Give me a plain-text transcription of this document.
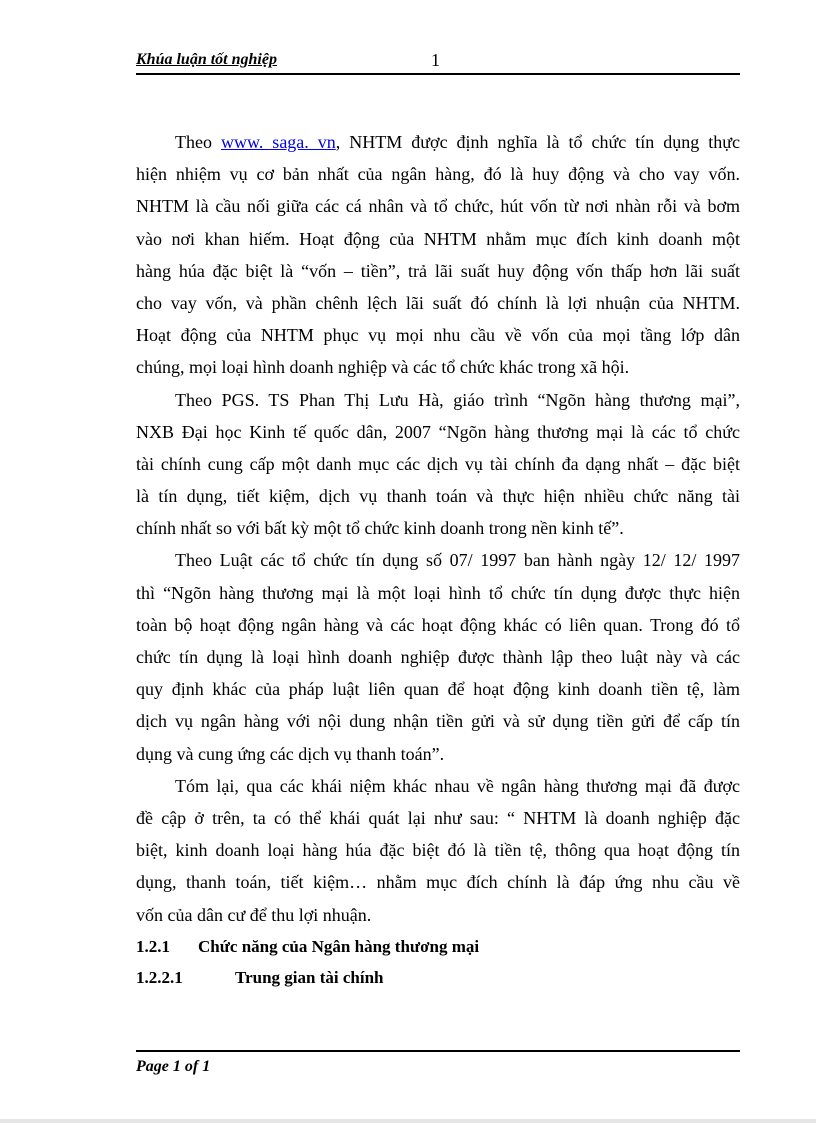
Khúa luận tốt nghiệp	1
Theo www. saga. vn, NHTM được định nghĩa là tổ chức tín dụng thực
hiện nhiệm vụ cơ bản nhất của ngân hàng, đó là huy động và cho vay vốn.
NHTM là cầu nối giữa các cá nhân và tổ chức, hút vốn từ nơi nhàn rỗi và bơm
vào nơi khan hiếm. Hoạt động của NHTM nhằm mục đích kinh doanh một
hàng húa đặc biệt là “vốn – tiền”, trả lãi suất huy động vốn thấp hơn lãi suất
cho vay vốn, và phần chênh lệch lãi suất đó chính là lợi nhuận của NHTM.
Hoạt động của NHTM phục vụ mọi nhu cầu về vốn của mọi tầng lớp dân
chúng, mọi loại hình doanh nghiệp và các tổ chức khác trong xã hội.
Theo PGS. TS Phan Thị Lưu Hà, giáo trình “Ngõn hàng thương mại”,
NXB Đại học Kinh tế quốc dân, 2007 “Ngõn hàng thương mại là các tổ chức
tài chính cung cấp một danh mục các dịch vụ tài chính đa dạng nhất – đặc biệt
là tín dụng, tiết kiệm, dịch vụ thanh toán và thực hiện nhiều chức năng tài
chính nhất so với bất kỳ một tổ chức kinh doanh trong nền kinh tế”.
Theo Luật các tổ chức tín dụng số 07/ 1997 ban hành ngày 12/ 12/ 1997
thì “Ngõn hàng thương mại là một loại hình tổ chức tín dụng được thực hiện
toàn bộ hoạt động ngân hàng và các hoạt động khác có liên quan. Trong đó tổ
chức tín dụng là loại hình doanh nghiệp được thành lập theo luật này và các
quy định khác của pháp luật liên quan để hoạt động kinh doanh tiền tệ, làm
dịch vụ ngân hàng với nội dung nhận tiền gửi và sử dụng tiền gửi để cấp tín
dụng và cung ứng các dịch vụ thanh toán”.
Tóm lại, qua các khái niệm khác nhau về ngân hàng thương mại đã được
đề cập ở trên, ta có thể khái quát lại như sau: “ NHTM là doanh nghiệp đặc
biệt, kinh doanh loại hàng húa đặc biệt đó là tiền tệ, thông qua hoạt động tín
dụng, thanh toán, tiết kiệm… nhằm mục đích chính là đáp ứng nhu cầu về
vốn của dân cư để thu lợi nhuận.
1.2.1 Chức năng của Ngân hàng thương mại
1.2.2.1	Trung gian tài chính
Page 1 of 1
